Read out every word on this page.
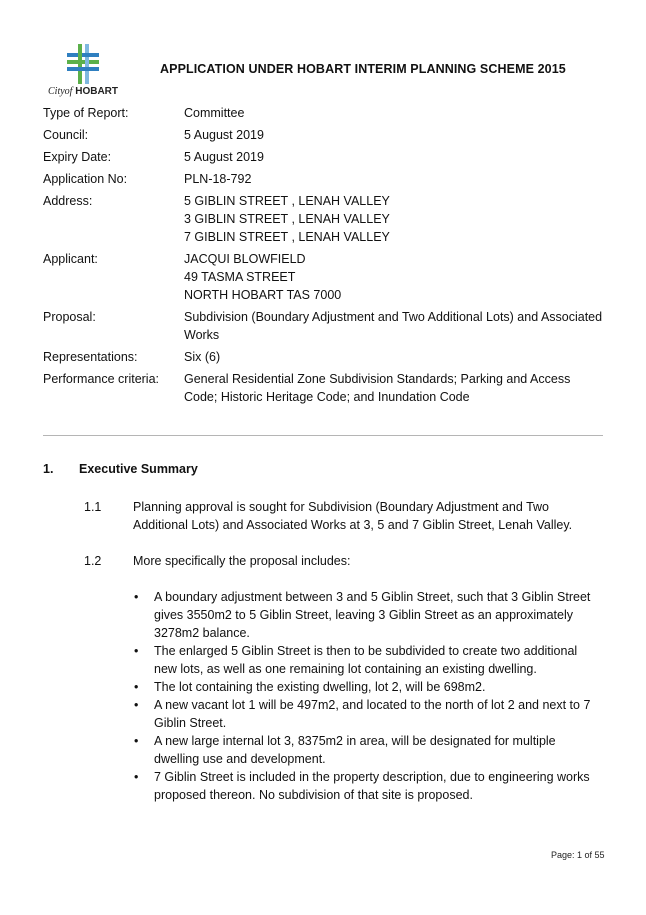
Cityof HOBART
APPLICATION UNDER HOBART INTERIM PLANNING SCHEME 2015
Type of Report:	Committee
Council:	5 August 2019
Expiry Date:	5 August 2019
Application No:	PLN-18-792
Address:	5 GIBLIN STREET , LENAH VALLEY
3 GIBLIN STREET , LENAH VALLEY
7 GIBLIN STREET , LENAH VALLEY
Applicant:	JACQUI BLOWFIELD
49 TASMA STREET
NORTH HOBART TAS 7000
Proposal:	Subdivision (Boundary Adjustment and Two Additional Lots) and Associated Works
Representations:	Six (6)
Performance criteria:	General Residential Zone Subdivision Standards; Parking and Access Code; Historic Heritage Code; and Inundation Code
1. Executive Summary
1.1	Planning approval is sought for Subdivision (Boundary Adjustment and Two Additional Lots) and Associated Works at 3, 5 and 7 Giblin Street, Lenah Valley.
1.2	More specifically the proposal includes:
• A boundary adjustment between 3 and 5 Giblin Street, such that 3 Giblin Street gives 3550m2 to 5 Giblin Street, leaving 3 Giblin Street as an approximately 3278m2 balance.
• The enlarged 5 Giblin Street is then to be subdivided to create two additional new lots, as well as one remaining lot containing an existing dwelling.
• The lot containing the existing dwelling, lot 2, will be 698m2.
• A new vacant lot 1 will be 497m2, and located to the north of lot 2 and next to 7 Giblin Street.
• A new large internal lot 3, 8375m2 in area, will be designated for multiple dwelling use and development.
• 7 Giblin Street is included in the property description, due to engineering works proposed thereon. No subdivision of that site is proposed.
Page: 1 of 55
